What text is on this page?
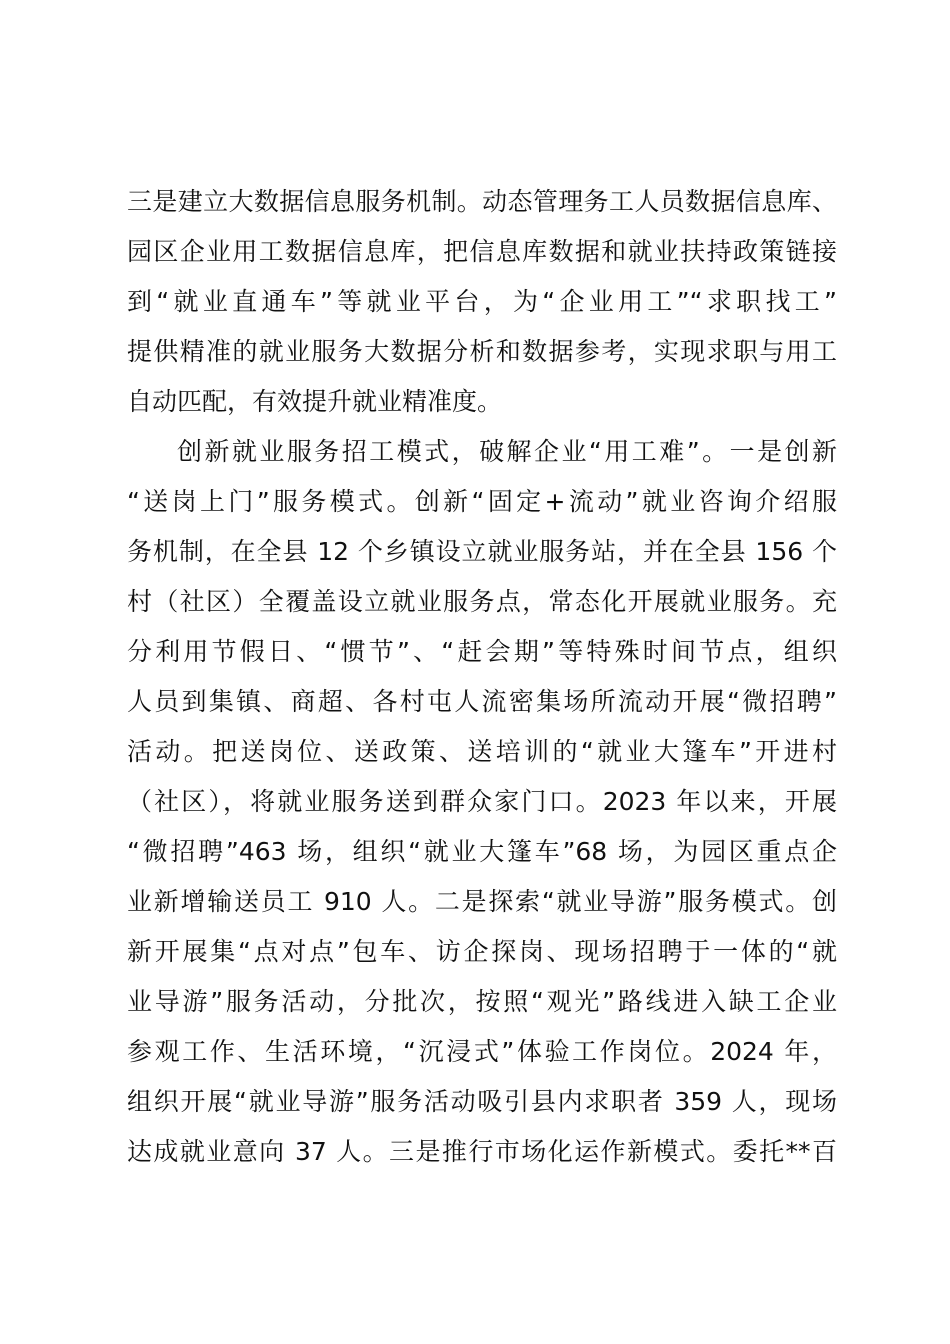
三是建立大数据信息服务机制。动态管理务工人员数据信息库、
园区企业用工数据信息库，把信息库数据和就业扶持政策链接
到“就业直通车”等就业平台，为“企业用工”“求职找工”
提供精准的就业服务大数据分析和数据参考，实现求职与用工
自动匹配，有效提升就业精准度。
创新就业服务招工模式，破解企业“用工难”。一是创新
“送岗上门”服务模式。创新“固定+流动”就业咨询介绍服
务机制，在全县 12 个乡镇设立就业服务站，并在全县 156 个
村（社区）全覆盖设立就业服务点，常态化开展就业服务。充
分利用节假日、“惯节”、“赶会期”等特殊时间节点，组织
人员到集镇、商超、各村屯人流密集场所流动开展“微招聘”
活动。把送岗位、送政策、送培训的“就业大篷车”开进村
（社区），将就业服务送到群众家门口。2023 年以来，开展
“微招聘”463 场，组织“就业大篷车”68 场，为园区重点企
业新增输送员工 910 人。二是探索“就业导游”服务模式。创
新开展集“点对点”包车、访企探岗、现场招聘于一体的“就
业导游”服务活动，分批次，按照“观光”路线进入缺工企业
参观工作、生活环境，“沉浸式”体验工作岗位。2024 年，
组织开展“就业导游”服务活动吸引县内求职者 359 人，现场
达成就业意向 37 人。三是推行市场化运作新模式。委托**百
